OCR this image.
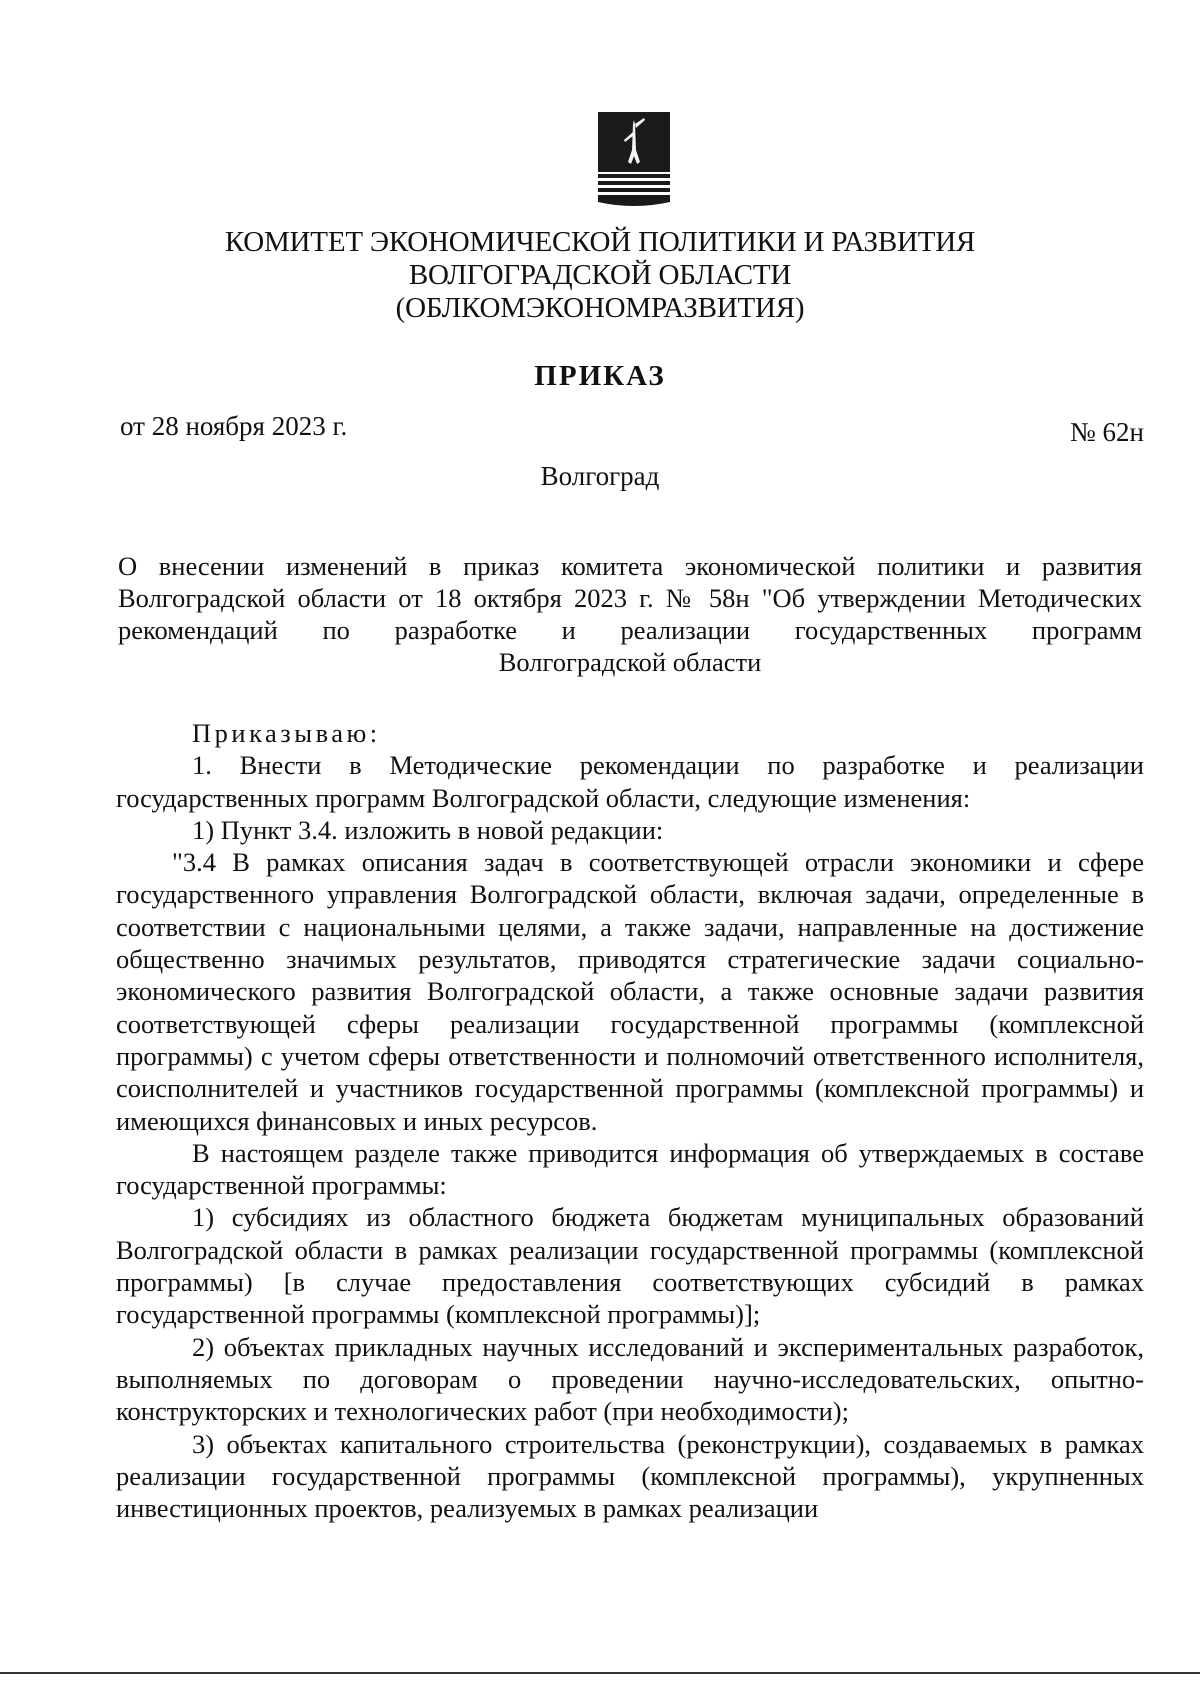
КОМИТЕТ ЭКОНОМИЧЕСКОЙ ПОЛИТИКИ И РАЗВИТИЯ
ВОЛГОГРАДСКОЙ ОБЛАСТИ
(ОБЛКОМЭКОНОМРАЗВИТИЯ)
ПРИКАЗ
от 28 ноября 2023 г.	№ 62н
Волгоград
О внесении изменений в приказ комитета экономической политики и развития
Волгоградской области от 18 октября 2023 г. № 58н "Об утверждении Методических
рекомендаций по разработке и реализации государственных программ
Волгоградской области

Приказываю:

1. Внести в Методические рекомендации по разработке и реализации государственных программ Волгоградской области, следующие изменения:

1) Пункт 3.4. изложить в новой редакции:

"3.4 В рамках описания задач в соответствующей отрасли экономики и сфере государственного управления Волгоградской области, включая задачи, определенные в соответствии с национальными целями, а также задачи, направленные на достижение общественно значимых результатов, приводятся стратегические задачи социально-экономического развития Волгоградской области, а также основные задачи развития соответствующей сферы реализации государственной программы (комплексной программы) с учетом сферы ответственности и полномочий ответственного исполнителя, соисполнителей и участников государственной программы (комплексной программы) и имеющихся финансовых и иных ресурсов.

В настоящем разделе также приводится информация об утверждаемых в составе государственной программы:

1) субсидиях из областного бюджета бюджетам муниципальных образований Волгоградской области в рамках реализации государственной программы (комплексной программы) [в случае предоставления соответствующих субсидий в рамках государственной программы (комплексной программы)];

2) объектах прикладных научных исследований и экспериментальных разработок, выполняемых по договорам о проведении научно-исследовательских, опытно-конструкторских и технологических работ (при необходимости);

3) объектах капитального строительства (реконструкции), создаваемых в рамках реализации государственной программы (комплексной программы), укрупненных инвестиционных проектов, реализуемых в рамках реализации
